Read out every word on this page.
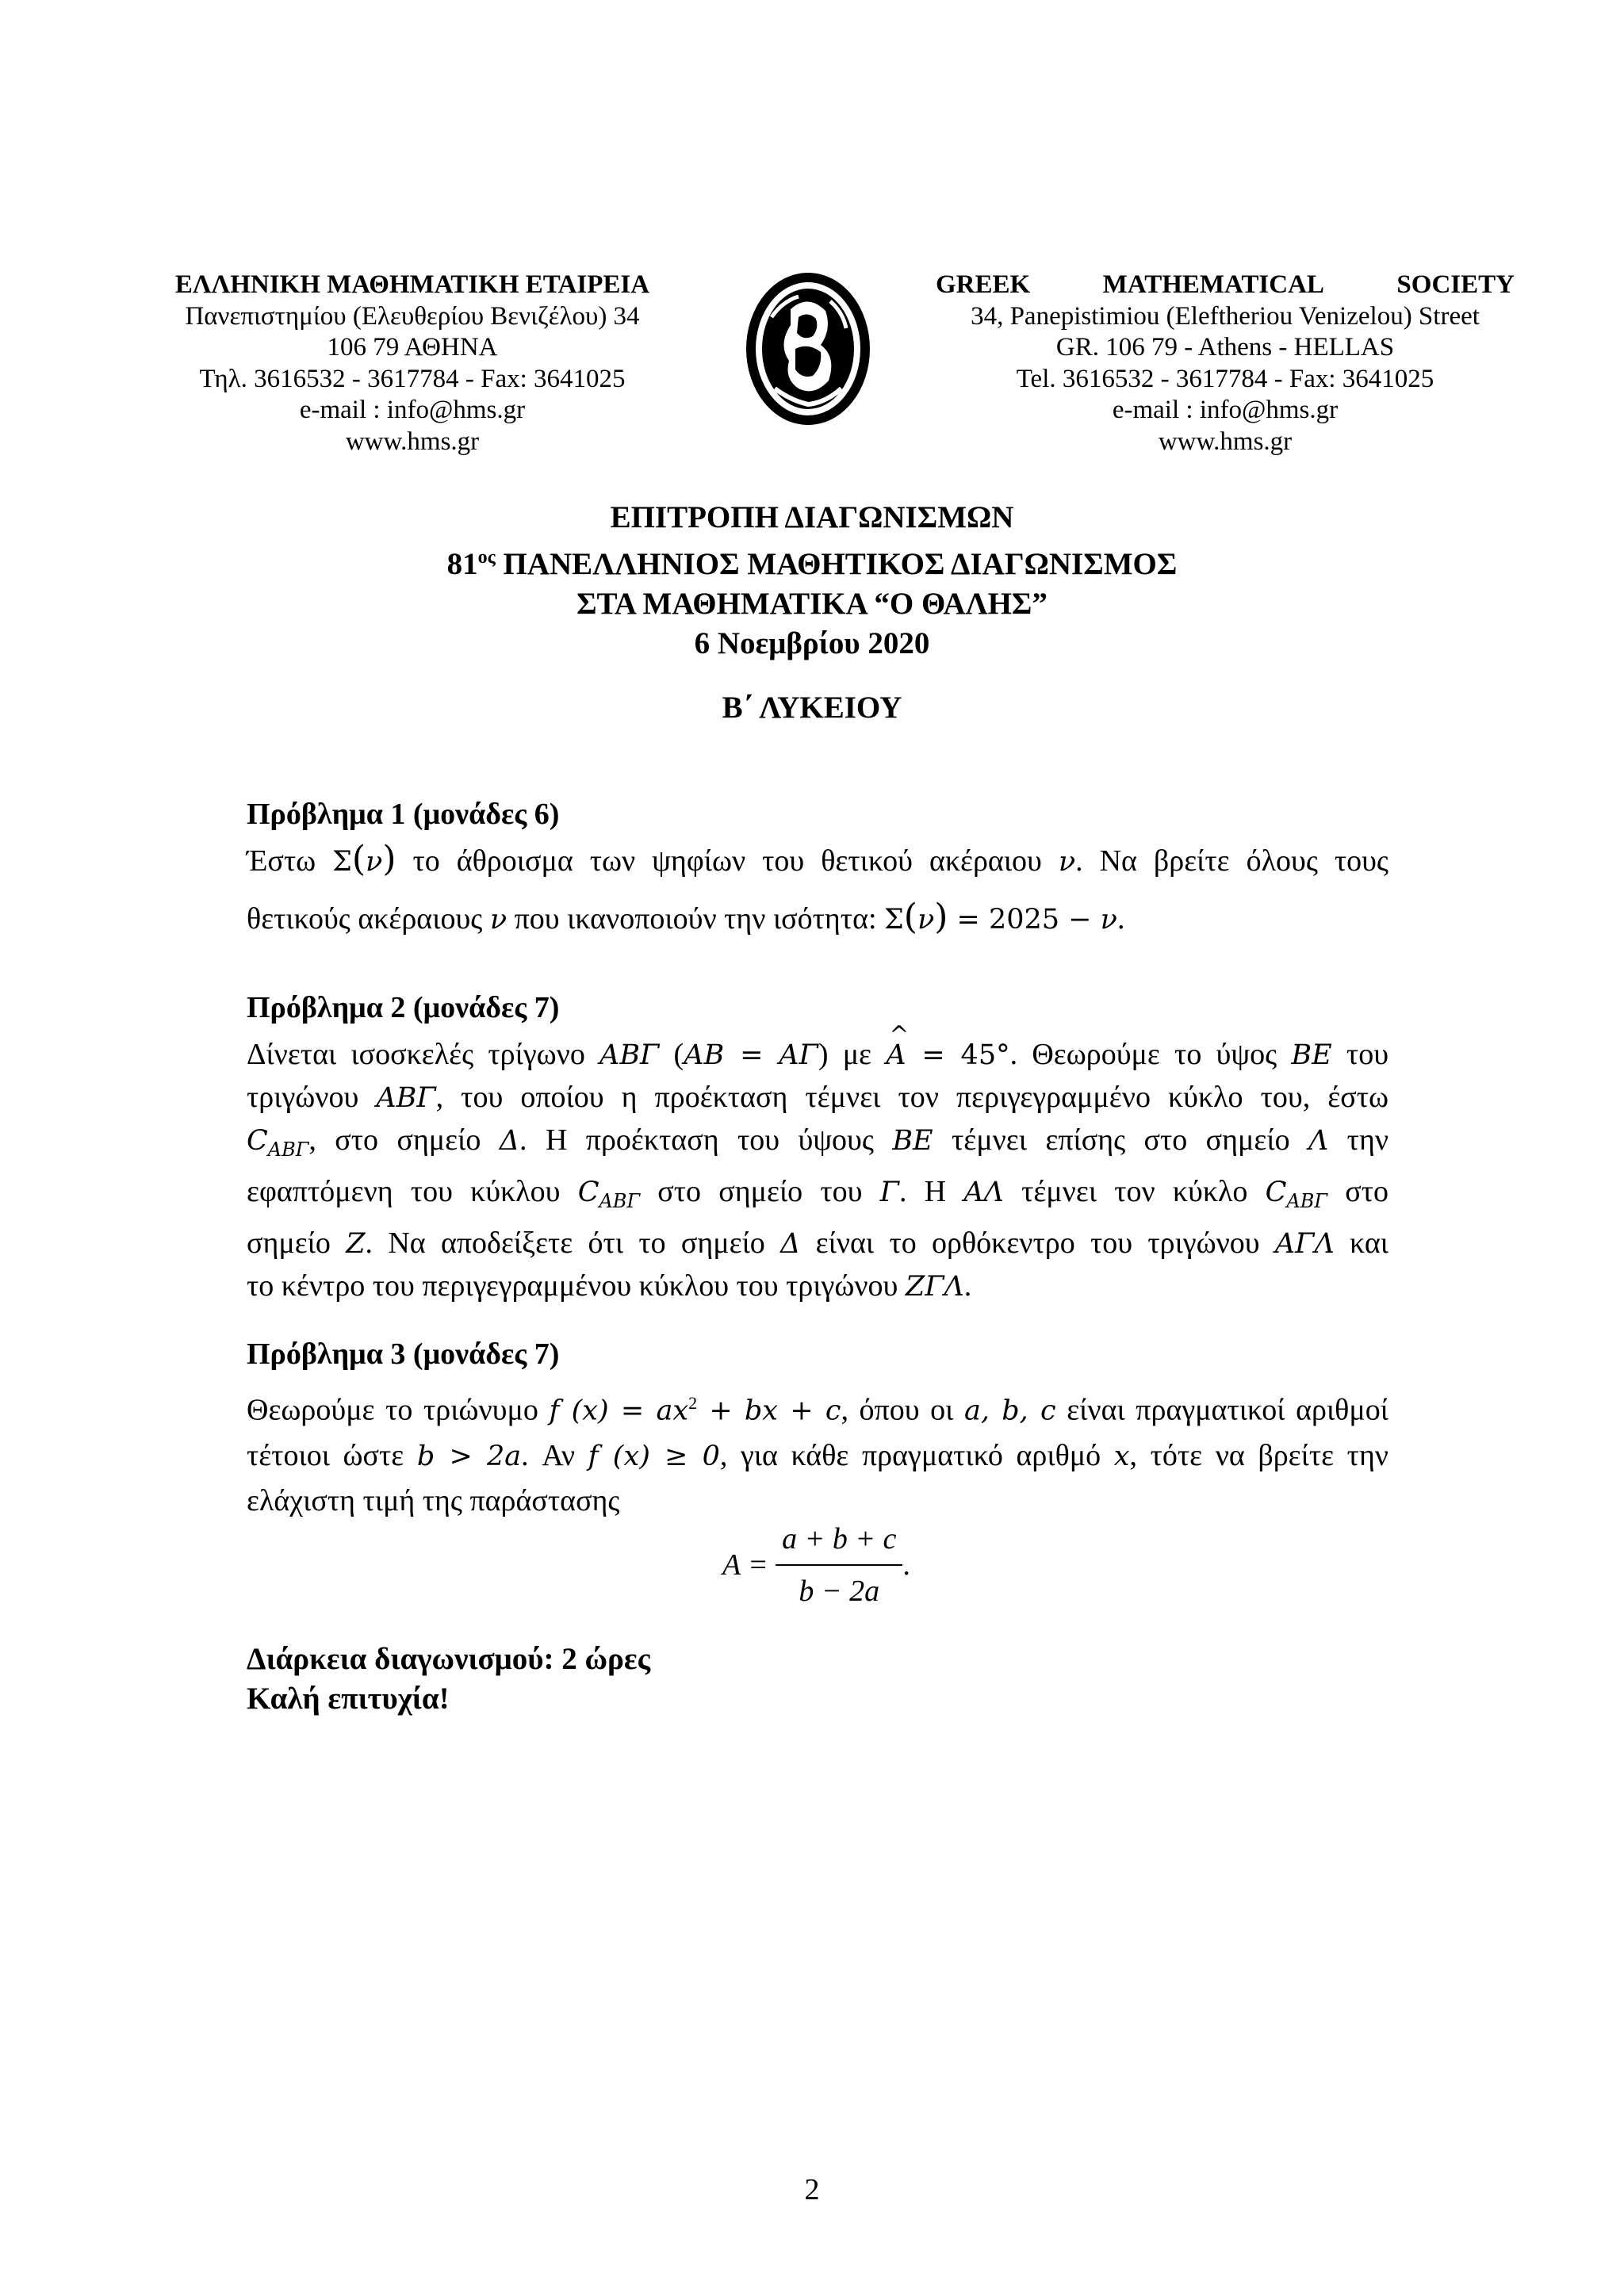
ΕΛΛΗΝΙΚΗ ΜΑΘΗΜΑΤΙΚΗ ΕΤΑΙΡΕΙΑ
Πανεπιστημίου (Ελευθερίου Βενιζέλου) 34
106 79 ΑΘΗΝΑ
Τηλ. 3616532 - 3617784 - Fax: 3641025
e-mail : info@hms.gr
www.hms.gr
GREEK	MATHEMATICAL	SOCIETY
34, Panepistimiou (Eleftheriou Venizelou) Street
GR. 106 79 - Athens - HELLAS
Tel. 3616532 - 3617784 - Fax: 3641025
e-mail : info@hms.gr
www.hms.gr
ΕΠΙΤΡΟΠΗ ΔΙΑΓΩΝΙΣΜΩΝ
$81^{o\varsigma}$ ΠΑΝΕΛΛΗΝΙΟΣ ΜΑΘΗΤΙΚΟΣ ΔΙΑΓΩΝΙΣΜΟΣ
ΣΤΑ ΜΑΘΗΜΑΤΙΚΑ “Ο ΘΑΛΗΣ”
6 Νοεμβρίου 2020
Β΄ ΛΥΚΕΙΟΥ
Πρόβλημα 1 (μονάδες 6)
Έστω Σ(ν) το άθροισμα των ψηφίων του θετικού ακέραιου ν. Να βρείτε όλους τους
θετικούς ακέραιους ν που ικανοποιούν την ισότητα: Σ(ν) = 2025 − ν.
Πρόβλημα 2 (μονάδες 7)
Δίνεται ισοσκελές τρίγωνο ΑΒΓ (ΑΒ = ΑΓ) με ^ Α = 45°. Θεωρούμε το ύψος ΒΕ του
τριγώνου ΑΒΓ, του οποίου η προέκταση τέμνει τον περιγεγραμμένο κύκλο του, έστω
$C_{AB\Gamma}$, στο σημείο Δ. Η προέκταση του ύψους ΒΕ τέμνει επίσης στο σημείο Λ την
εφαπτόμενη του κύκλου $C_{AB\Gamma}$ στο σημείο του Γ. Η ΑΛ τέμνει τον κύκλο $C_{AB\Gamma}$ στο
σημείο Ζ. Να αποδείξετε ότι το σημείο Δ είναι το ορθόκεντρο του τριγώνου ΑΓΛ και
το κέντρο του περιγεγραμμένου κύκλου του τριγώνου ΖΓΛ.
Πρόβλημα 3 (μονάδες 7)
Θεωρούμε το τριώνυμο f $(x) = ax^2$ + bx + c, όπου οι a, b, c είναι πραγματικοί αριθμοί
τέτοιοι ώστε b > 2a. Αν f (x) ≥ 0, για κάθε πραγματικό αριθμό x, τότε να βρείτε την
ελάχιστη τιμή της παράστασης
$A = \frac{a + b + c}{b - 2a}$ .
Διάρκεια διαγωνισμού: 2 ώρες
Καλή επιτυχία!
2
